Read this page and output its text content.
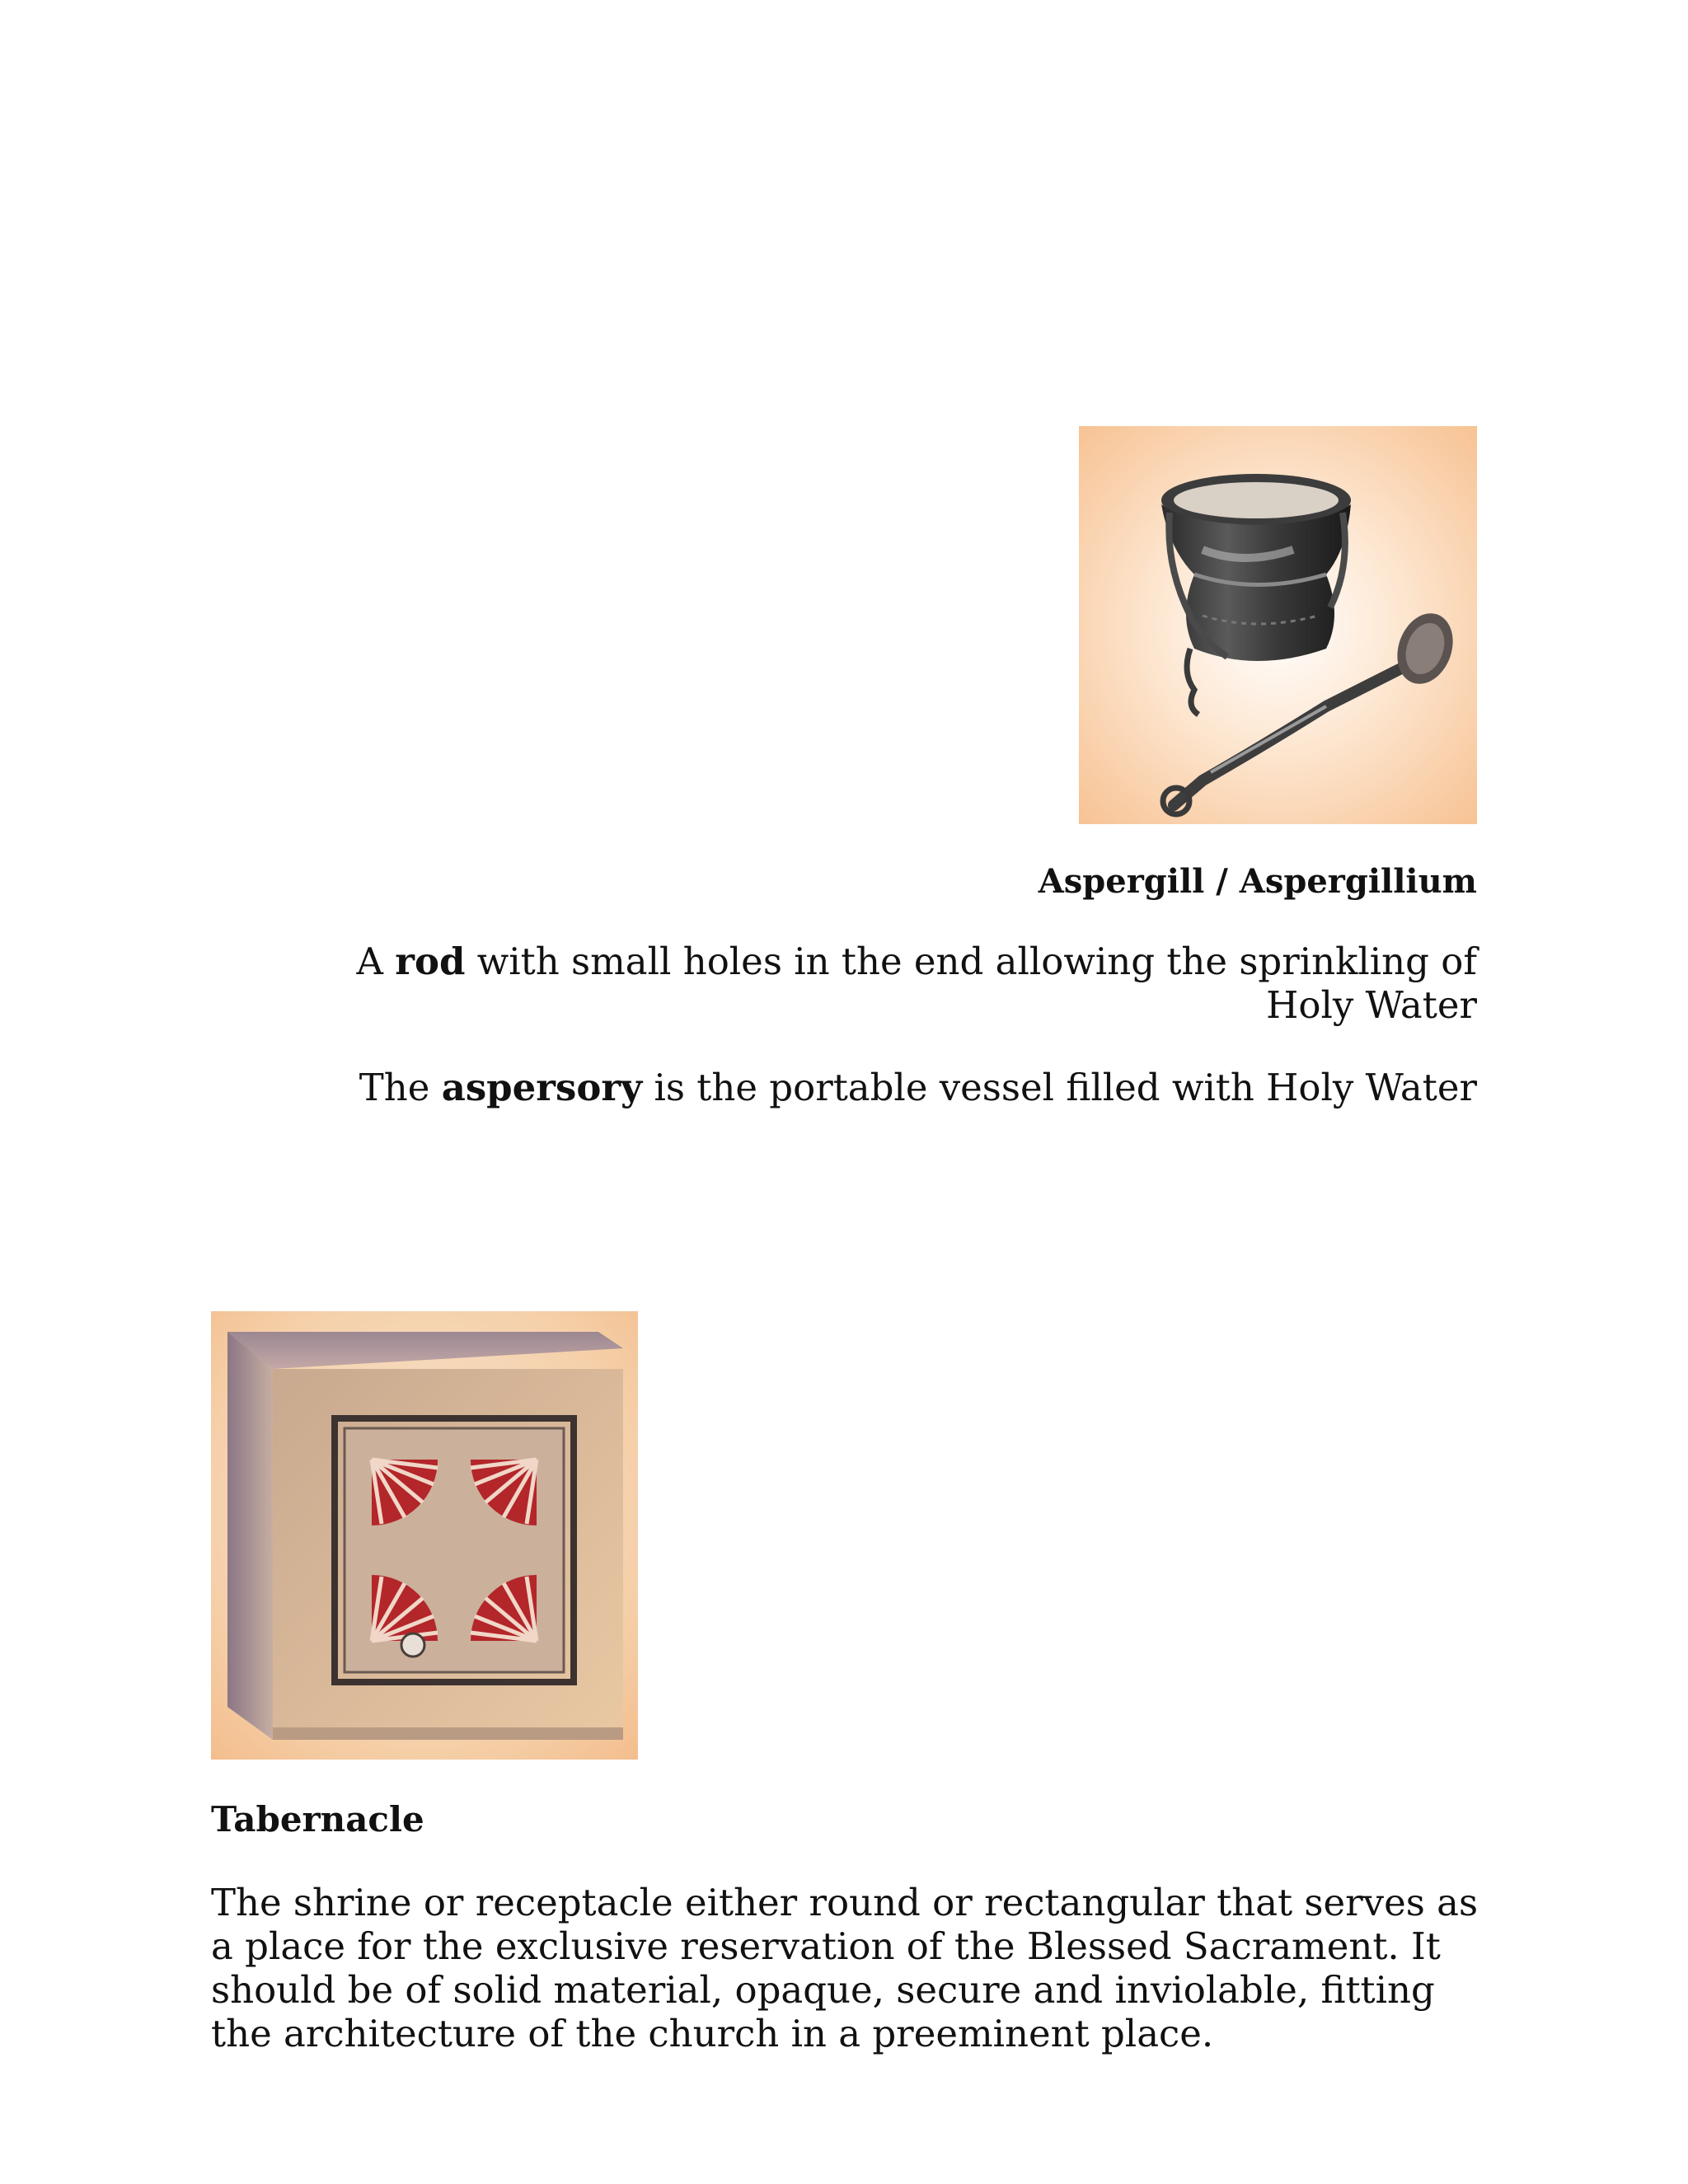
Aspergill / Aspergillium
A rod with small holes in the end allowing the sprinkling of Holy Water
The aspersory is the portable vessel filled with Holy Water
Tabernacle
The shrine or receptacle either round or rectangular that serves as a place for the exclusive reservation of the Blessed Sacrament. It should be of solid material, opaque, secure and inviolable, fitting the architecture of the church in a preeminent place.
